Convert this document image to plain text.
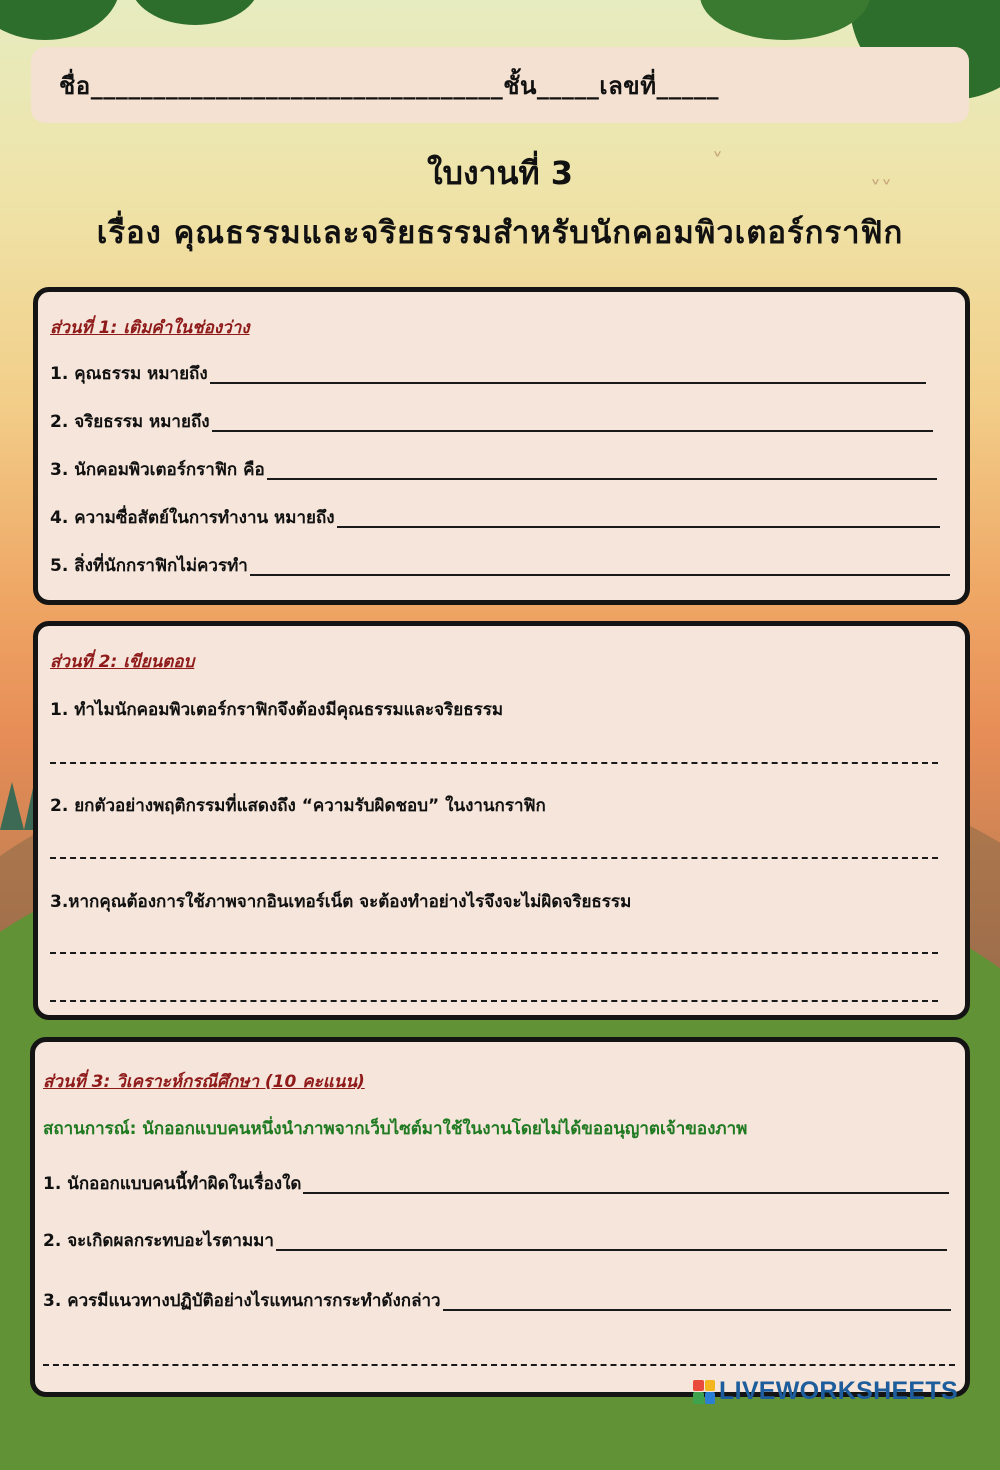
˅˅
˅
ชื่อ_________________________________ชั้น_____เลขที่_____
ใบงานที่ 3
เรื่อง คุณธรรมและจริยธรรมสำหรับนักคอมพิวเตอร์กราฟิก
ส่วนที่ 1: เติมคำในช่องว่าง
1. คุณธรรม หมายถึง
2. จริยธรรม หมายถึง
3. นักคอมพิวเตอร์กราฟิก คือ
4. ความซื่อสัตย์ในการทำงาน หมายถึง
5. สิ่งที่นักกราฟิกไม่ควรทำ
ส่วนที่ 2: เขียนตอบ
1. ทำไมนักคอมพิวเตอร์กราฟิกจึงต้องมีคุณธรรมและจริยธรรม
2. ยกตัวอย่างพฤติกรรมที่แสดงถึง “ความรับผิดชอบ” ในงานกราฟิก
3.หากคุณต้องการใช้ภาพจากอินเทอร์เน็ต จะต้องทำอย่างไรจึงจะไม่ผิดจริยธรรม
ส่วนที่ 3: วิเคราะห์กรณีศึกษา (10 คะแนน)
สถานการณ์: นักออกแบบคนหนึ่งนำภาพจากเว็บไซต์มาใช้ในงานโดยไม่ได้ขออนุญาตเจ้าของภาพ
1. นักออกแบบคนนี้ทำผิดในเรื่องใด
2. จะเกิดผลกระทบอะไรตามมา
3. ควรมีแนวทางปฏิบัติอย่างไรแทนการกระทำดังกล่าว
LIVEWORKSHEETS
